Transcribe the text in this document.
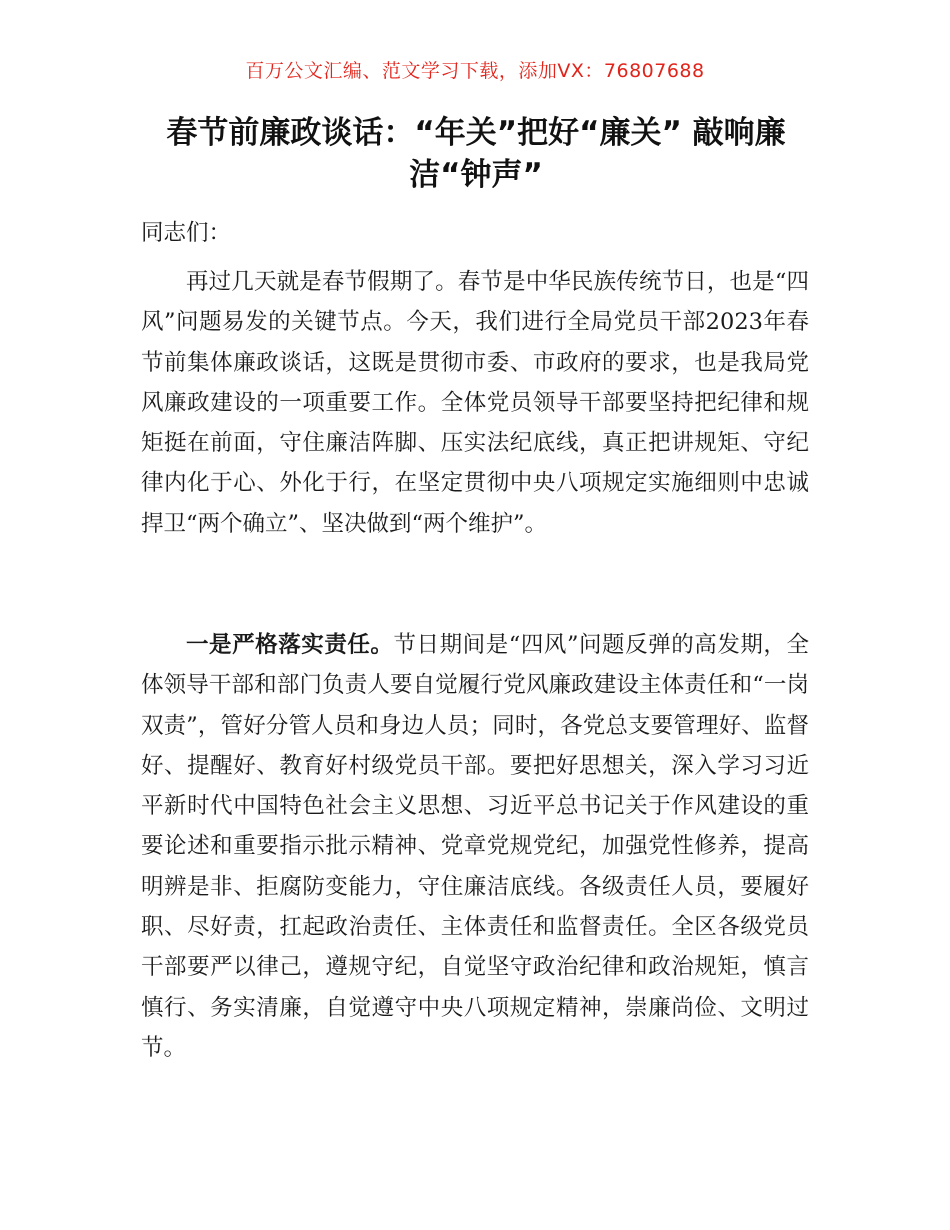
百万公文汇编、范文学习下载，添加VX：76807688
春节前廉政谈话：“年关”把好“廉关” 敲响廉洁“钟声”

同志们：

再过几天就是春节假期了。春节是中华民族传统节日，也是“四风”问题易发的关键节点。今天，我们进行全局党员干部2023年春节前集体廉政谈话，这既是贯彻市委、市政府的要求，也是我局党风廉政建设的一项重要工作。全体党员领导干部要坚持把纪律和规矩挺在前面，守住廉洁阵脚、压实法纪底线，真正把讲规矩、守纪律内化于心、外化于行，在坚定贯彻中央八项规定实施细则中忠诚捍卫“两个确立”、坚决做到“两个维护”。

一是严格落实责任。节日期间是“四风”问题反弹的高发期，全体领导干部和部门负责人要自觉履行党风廉政建设主体责任和“一岗双责”，管好分管人员和身边人员；同时，各党总支要管理好、监督好、提醒好、教育好村级党员干部。要把好思想关，深入学习习近平新时代中国特色社会主义思想、习近平总书记关于作风建设的重要论述和重要指示批示精神、党章党规党纪，加强党性修养，提高明辨是非、拒腐防变能力，守住廉洁底线。各级责任人员，要履好职、尽好责，扛起政治责任、主体责任和监督责任。全区各级党员干部要严以律己，遵规守纪，自觉坚守政治纪律和政治规矩，慎言慎行、务实清廉，自觉遵守中央八项规定精神，崇廉尚俭、文明过节。
